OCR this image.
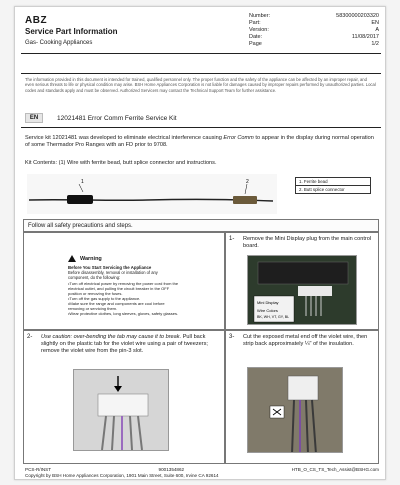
ABZ
Service Part Information
Gas- Cooking Appliances
Number:	58300000203320
Part:	EN
Version:	A
Date:	11/08/2017
Page	1/2
The information provided in this document is intended for trained, qualified personnel only. The proper function and the safety of the appliance can be affected by an improper repair, and even serious threats to life or physical condition may arise. BSH Home Appliances Corporation is not liable for damages caused by improper repairs performed by unauthorized parties. Local codes and standards apply and must be observed. Authorized Servicers may contact the Technical Support Team for further assistance.
EN	12021481 Error Comm Ferrite Service Kit
Service kit 12021481 was developed to eliminate electrical interference causing Error Comm to appear in the display during normal operation of some Thermador Pro Ranges with an FD prior to 9708.
Kit Contents: (1) Wire with ferrite bead, butt splice connector and instructions.
1	2	1. Ferrite bead
2. Butt splice connector
Follow all safety precautions and steps.
Warning
Before You Start Servicing the Appliance
Before disassembly, removal or installation of any component, do the following:
• Turn off electrical power by removing the power cord from the electrical outlet, and pulling the circuit breaker in the OFF position or removing the fuses.
• Turn off the gas supply to the appliance.
• Make sure the range and components are cool before removing or servicing them.
• Wear protective clothes, long sleeves, gloves, safety glasses.
1- Remove the Mini Display plug from the main control board.
Mini Display
Wire Colors
BK, WH, VT, GY, BL
2- Use caution: over-bending the tab may cause it to break. Pull back slightly on the plastic tab for the violet wire using a pair of tweezers; remove the violet wire from the pin-3 slot.
3- Cut the exposed metal end off the violet wire, then strip back approximately ¼" of the insulation.
PCS-R/INST	9001354862	HTB_O_CS_TS_Tech_Assist@BSHG.com
Copyright by BSH Home Appliances Corporation, 1901 Main Street, Suite 600, Irvine CA 92614
